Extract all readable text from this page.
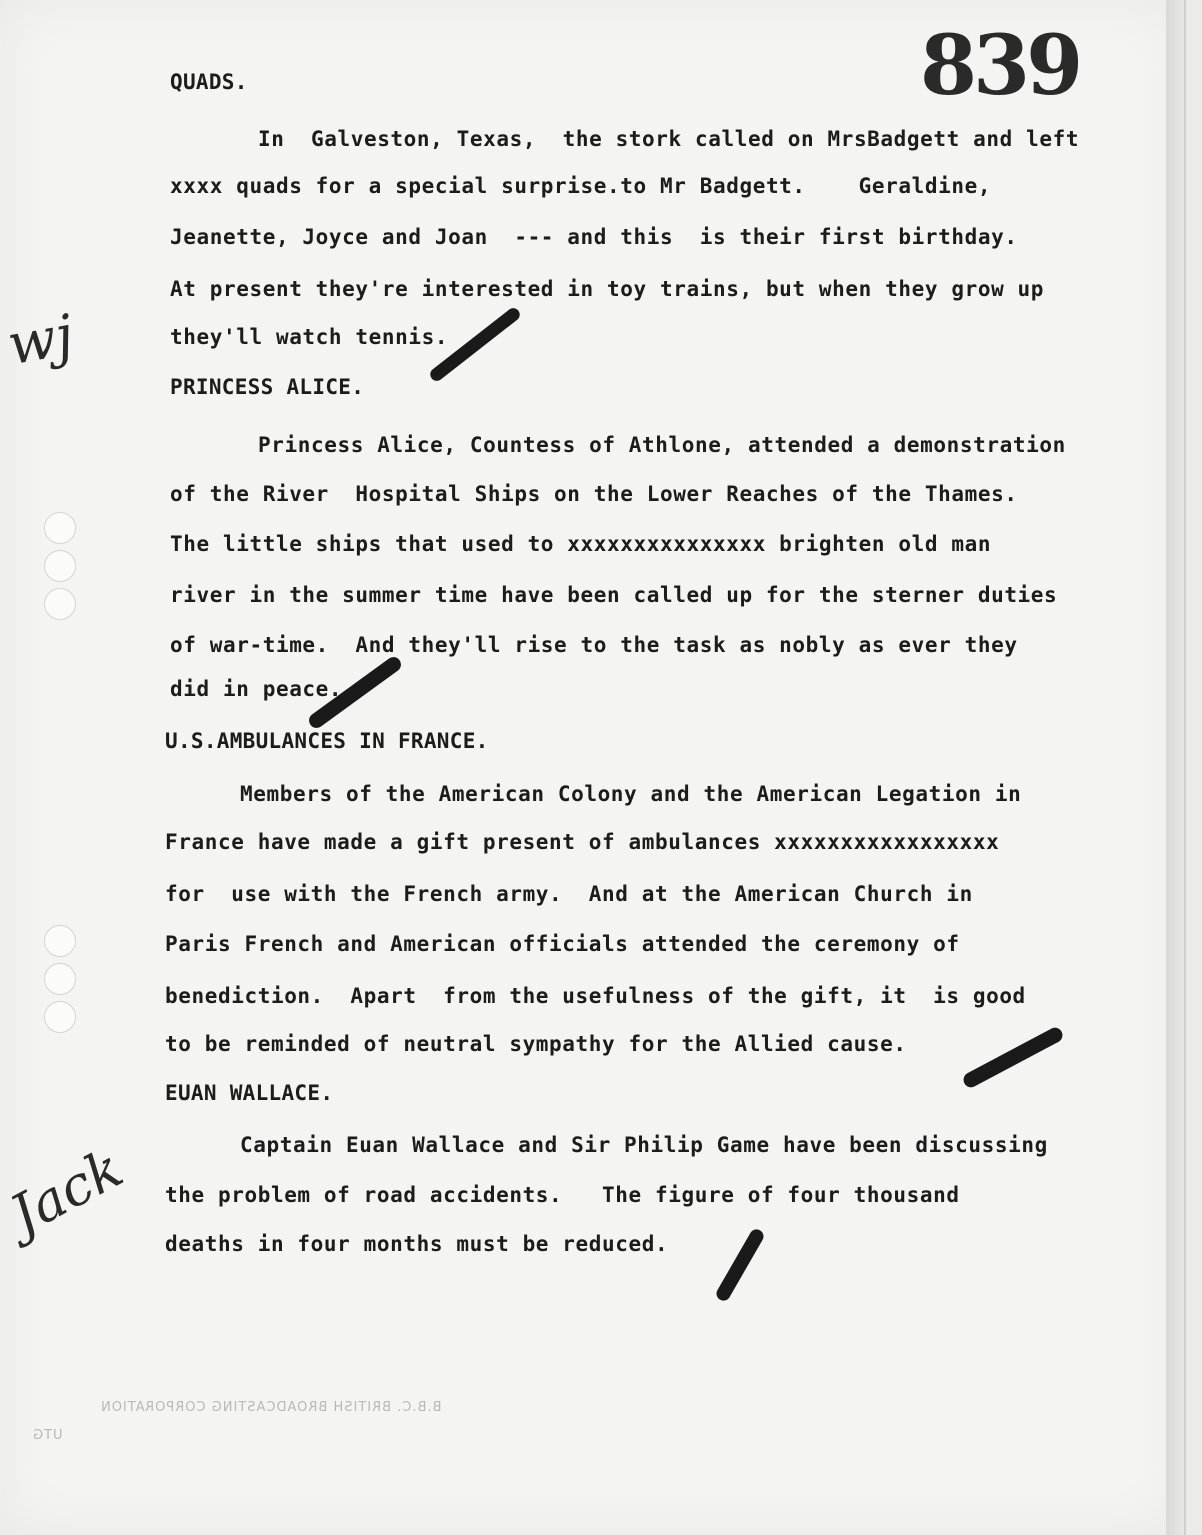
839
wj
Jack
QUADS.
In  Galveston, Texas,  the stork called on MrsBadgett and left
xxxx quads for a special surprise.to Mr Badgett.    Geraldine,
Jeanette, Joyce and Joan  --- and this  is their first birthday.
At present they're interested in toy trains, but when they grow up
they'll watch tennis.
PRINCESS ALICE.
Princess Alice, Countess of Athlone, attended a demonstration
of the River  Hospital Ships on the Lower Reaches of the Thames.
The little ships that used to xxxxxxxxxxxxxxx brighten old man
river in the summer time have been called up for the sterner duties
of war-time.  And they'll rise to the task as nobly as ever they
did in peace.
U.S.AMBULANCES IN FRANCE.
Members of the American Colony and the American Legation in
France have made a gift present of ambulances xxxxxxxxxxxxxxxxx
for  use with the French army.  And at the American Church in
Paris French and American officials attended the ceremony of
benediction.  Apart  from the usefulness of the gift, it  is good
to be reminded of neutral sympathy for the Allied cause.
EUAN WALLACE.
Captain Euan Wallace and Sir Philip Game have been discussing
the problem of road accidents.   The figure of four thousand
deaths in four months must be reduced.
B.B.C. BRITISH BROADCASTING CORPORATION
UTG
